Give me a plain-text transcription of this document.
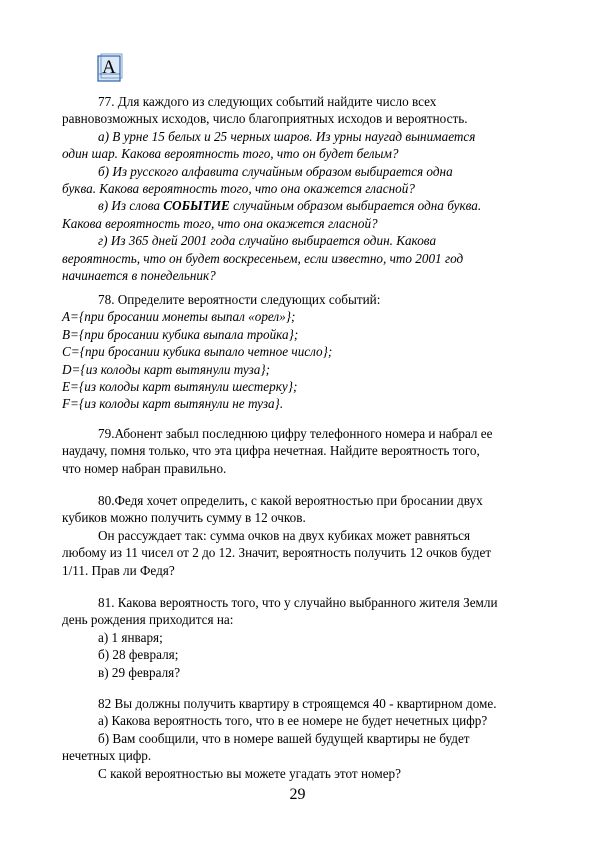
А
77. Для каждого из следующих событий найдите число всех
равновозможных исходов, число благоприятных исходов и вероятность.
а) В урне 15 белых и 25 черных шаров. Из урны наугад вынимается
один шар. Какова вероятность того, что он будет белым?
б) Из русского алфавита случайным образом выбирается одна
буква. Какова вероятность того, что она окажется гласной?
в) Из слова СОБЫТИЕ случайным образом выбирается одна буква.
Какова вероятность того, что она окажется гласной?
г) Из 365 дней 2001 года случайно выбирается один. Какова
вероятность, что он будет воскресеньем, если известно, что 2001 год
начинается в понедельник?
78. Определите вероятности следующих событий:
A={при бросании монеты выпал «орел»};
B={при бросании кубика выпала тройка};
C={при бросании кубика выпало четное число};
D={из колоды карт вытянули туза};
E={из колоды карт вытянули шестерку};
F={из колоды карт вытянули не туза}.
79.Абонент забыл последнюю цифру телефонного номера и набрал ее
наудачу, помня только, что эта цифра нечетная. Найдите вероятность того,
что номер набран правильно.
80.Федя хочет определить, с какой вероятностью при бросании двух
кубиков можно получить сумму в 12 очков.
Он рассуждает так: сумма очков на двух кубиках может равняться
любому из 11 чисел от 2 до 12. Значит, вероятность получить 12 очков будет
1/11. Прав ли Федя?
81. Какова вероятность того, что у случайно выбранного жителя Земли
день рождения приходится на:
а) 1 января;
б) 28 февраля;
в) 29 февраля?
82 Вы должны получить квартиру в строящемся 40 - квартирном доме.
а) Какова вероятность того, что в ее номере не будет нечетных цифр?
б) Вам сообщили, что в номере вашей будущей квартиры не будет
нечетных цифр.
С какой вероятностью вы можете угадать этот номер?
29
